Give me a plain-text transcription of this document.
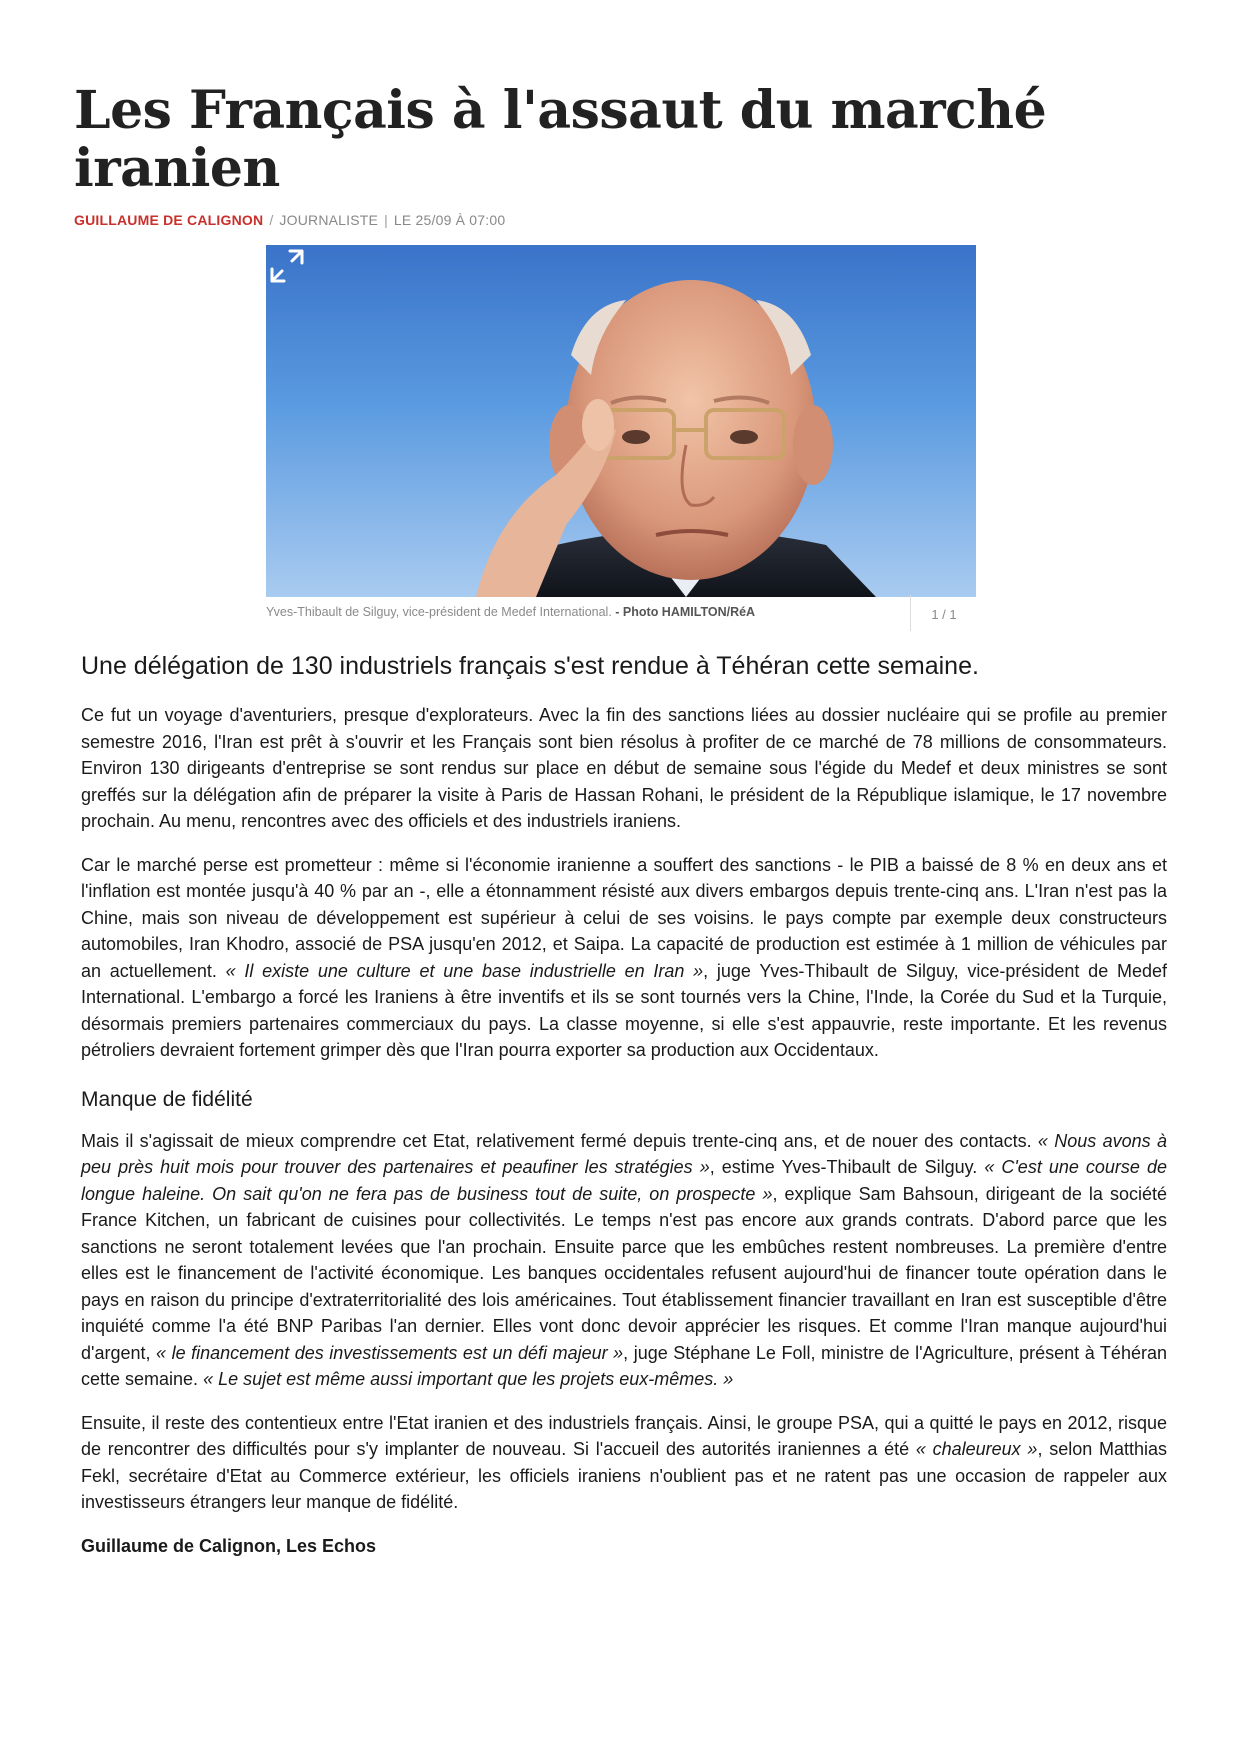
Les Français à l'assaut du marché iranien
GUILLAUME DE CALIGNON / JOURNALISTE | LE 25/09 À 07:00
Yves-Thibault de Silguy, vice-président de Medef International. - Photo HAMILTON/RéA	1 / 1
Une délégation de 130 industriels français s'est rendue à Téhéran cette semaine.

Ce fut un voyage d'aventuriers, presque d'explorateurs. Avec la fin des sanctions liées au dossier nucléaire qui se profile au premier semestre 2016, l'Iran est prêt à s'ouvrir et les Français sont bien résolus à profiter de ce marché de 78 millions de consommateurs. Environ 130 dirigeants d'entreprise se sont rendus sur place en début de semaine sous l'égide du Medef et deux ministres se sont greffés sur la délégation afin de préparer la visite à Paris de Hassan Rohani, le président de la République islamique, le 17 novembre prochain. Au menu, rencontres avec des officiels et des industriels iraniens.

Car le marché perse est prometteur : même si l'économie iranienne a souffert des sanctions - le PIB a baissé de 8 % en deux ans et l'inflation est montée jusqu'à 40 % par an -, elle a étonnamment résisté aux divers embargos depuis trente-cinq ans. L'Iran n'est pas la Chine, mais son niveau de développement est supérieur à celui de ses voisins. le pays compte par exemple deux constructeurs automobiles, Iran Khodro, associé de PSA jusqu'en 2012, et Saipa. La capacité de production est estimée à 1 million de véhicules par an actuellement. « Il existe une culture et une base industrielle en Iran », juge Yves-Thibault de Silguy, vice-président de Medef International. L'embargo a forcé les Iraniens à être inventifs et ils se sont tournés vers la Chine, l'Inde, la Corée du Sud et la Turquie, désormais premiers partenaires commerciaux du pays. La classe moyenne, si elle s'est appauvrie, reste importante. Et les revenus pétroliers devraient fortement grimper dès que l'Iran pourra exporter sa production aux Occidentaux.

Manque de fidélité

Mais il s'agissait de mieux comprendre cet Etat, relativement fermé depuis trente-cinq ans, et de nouer des contacts. « Nous avons à peu près huit mois pour trouver des partenaires et peaufiner les stratégies », estime Yves-Thibault de Silguy. « C'est une course de longue haleine. On sait qu'on ne fera pas de business tout de suite, on prospecte », explique Sam Bahsoun, dirigeant de la société France Kitchen, un fabricant de cuisines pour collectivités. Le temps n'est pas encore aux grands contrats. D'abord parce que les sanctions ne seront totalement levées que l'an prochain. Ensuite parce que les embûches restent nombreuses. La première d'entre elles est le financement de l'activité économique. Les banques occidentales refusent aujourd'hui de financer toute opération dans le pays en raison du principe d'extraterritorialité des lois américaines. Tout établissement financier travaillant en Iran est susceptible d'être inquiété comme l'a été BNP Paribas l'an dernier. Elles vont donc devoir apprécier les risques. Et comme l'Iran manque aujourd'hui d'argent, « le financement des investissements est un défi majeur », juge Stéphane Le Foll, ministre de l'Agriculture, présent à Téhéran cette semaine. « Le sujet est même aussi important que les projets eux-mêmes. »

Ensuite, il reste des contentieux entre l'Etat iranien et des industriels français. Ainsi, le groupe PSA, qui a quitté le pays en 2012, risque de rencontrer des difficultés pour s'y implanter de nouveau. Si l'accueil des autorités iraniennes a été « chaleureux », selon Matthias Fekl, secrétaire d'Etat au Commerce extérieur, les officiels iraniens n'oublient pas et ne ratent pas une occasion de rappeler aux investisseurs étrangers leur manque de fidélité.

Guillaume de Calignon, Les Echos
